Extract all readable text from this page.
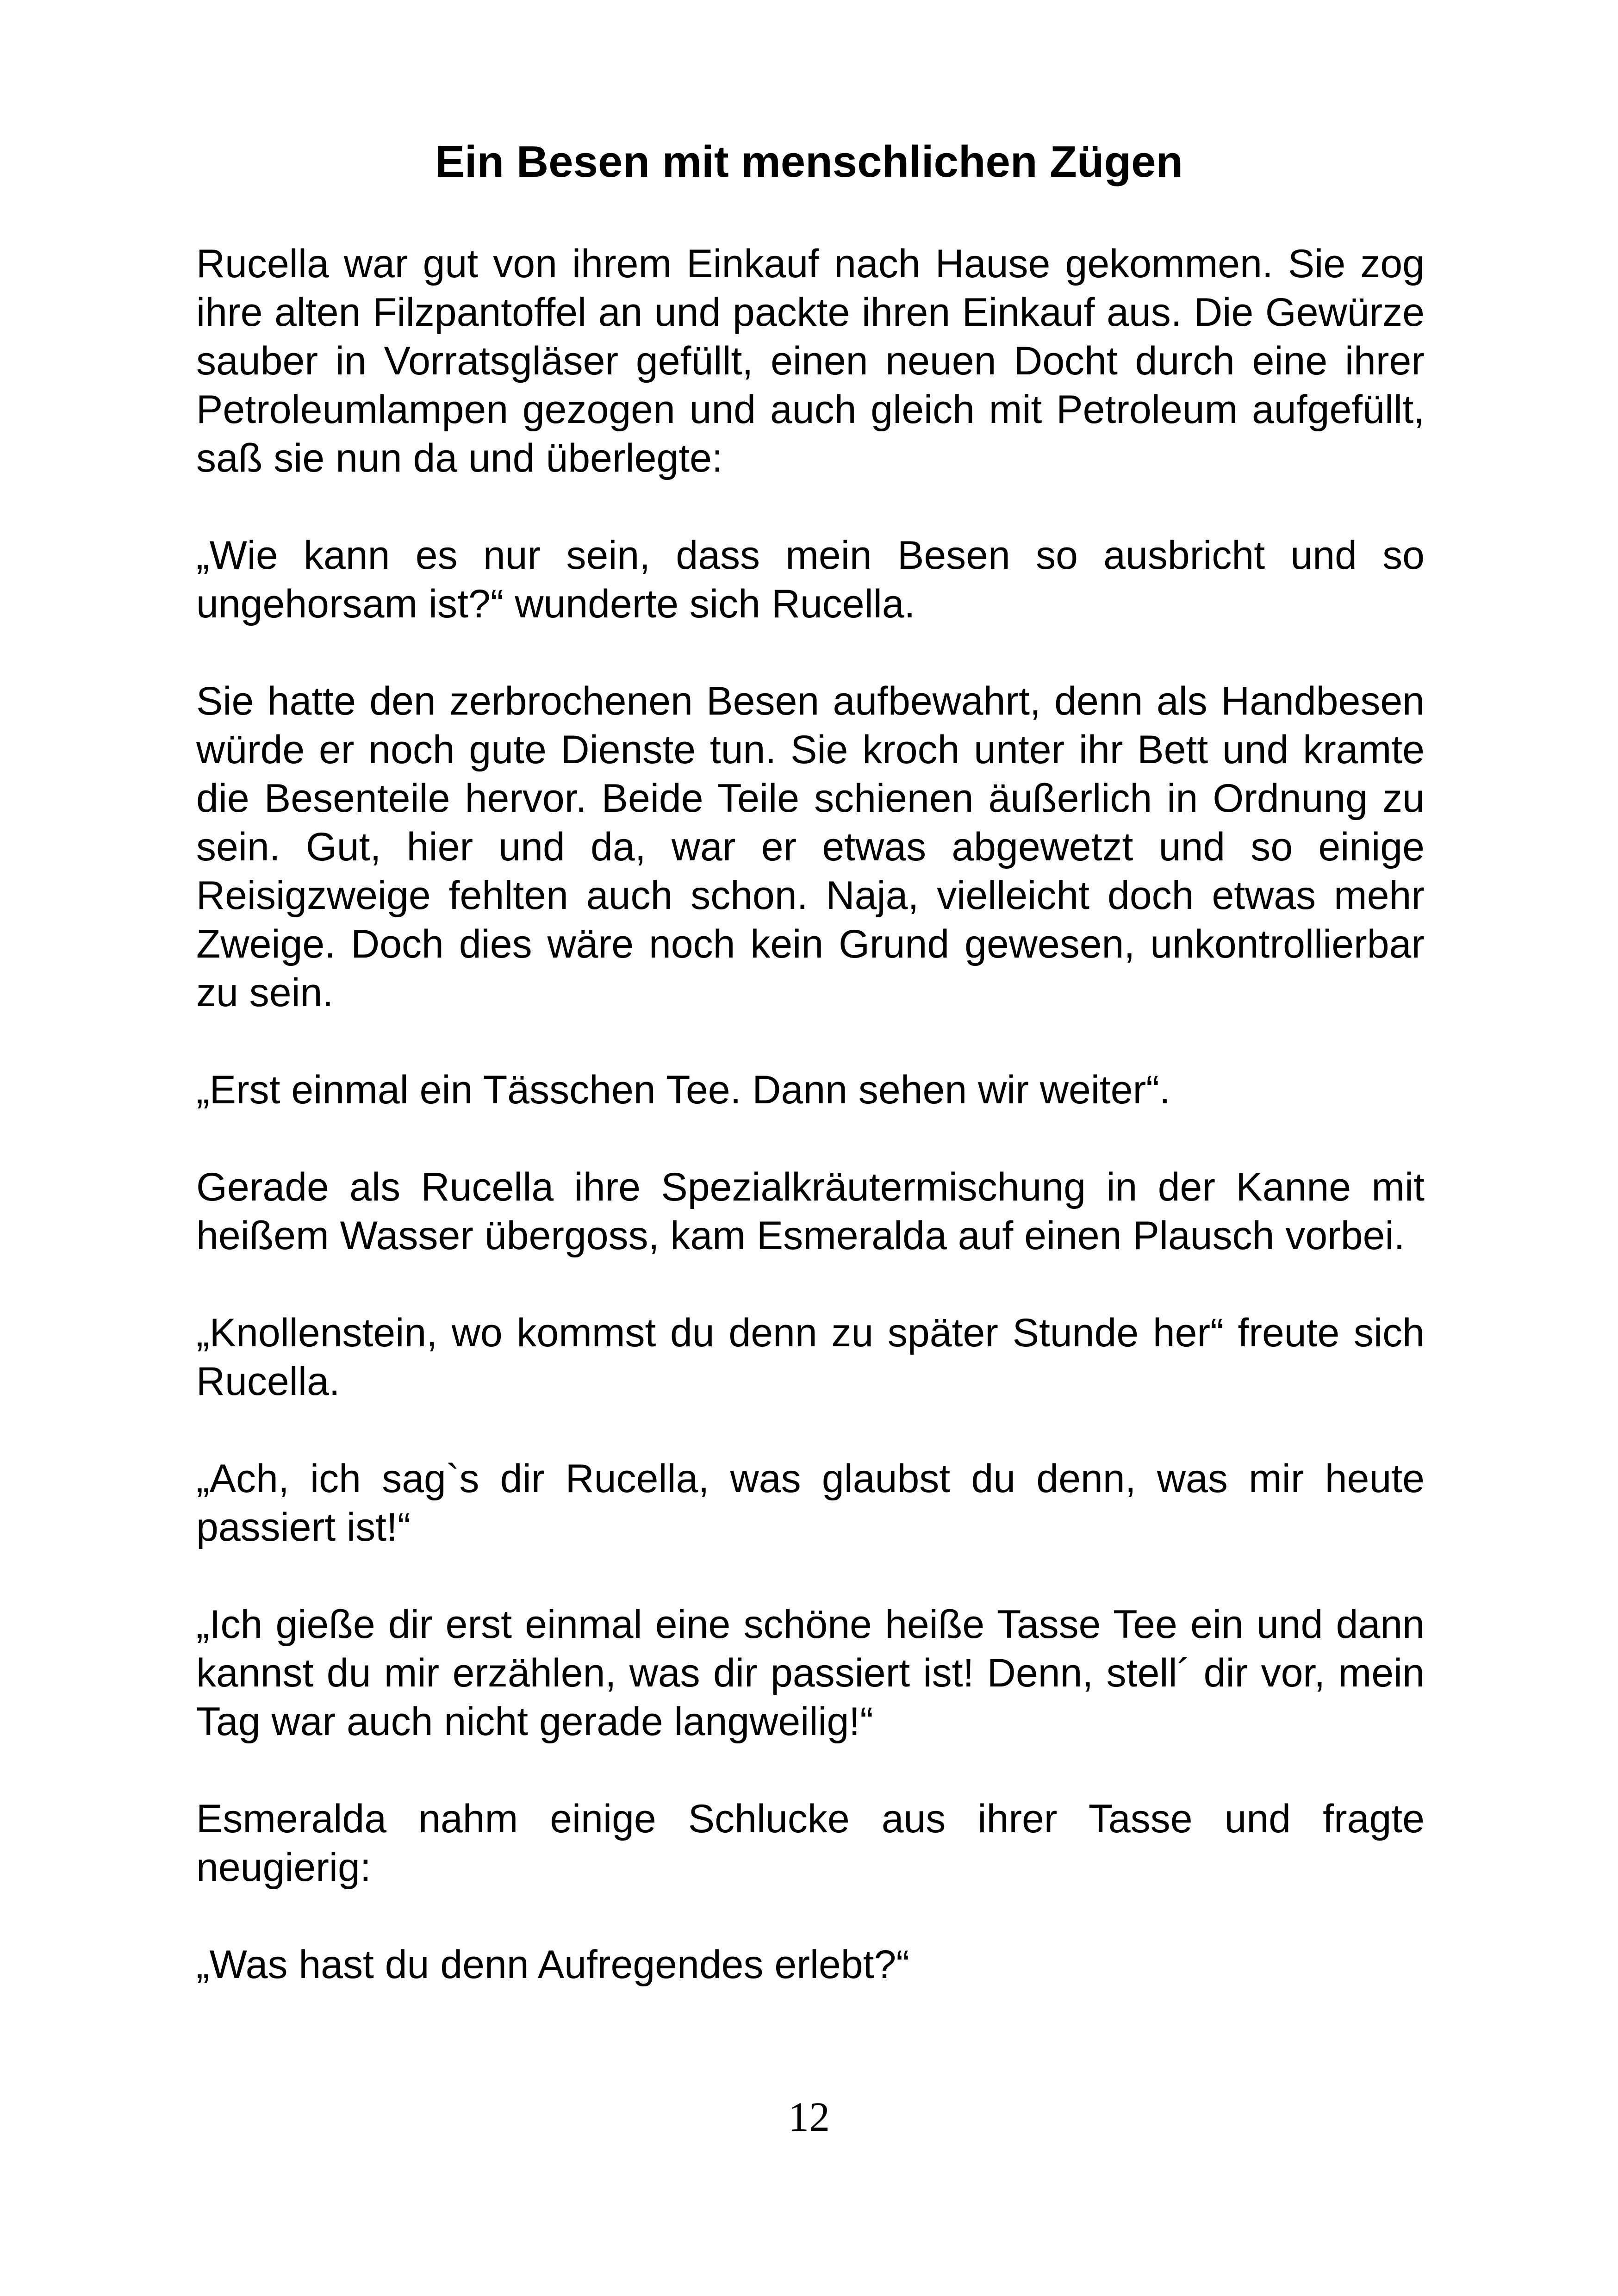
Ein Besen mit menschlichen Zügen

Rucella war gut von ihrem Einkauf nach Hause gekommen. Sie zog ihre alten Filzpantoffel an und packte ihren Einkauf aus. Die Gewürze sauber in Vorratsgläser gefüllt, einen neuen Docht durch eine ihrer Petroleumlampen gezogen und auch gleich mit Petroleum aufgefüllt, saß sie nun da und überlegte:

„Wie kann es nur sein, dass mein Besen so ausbricht und so ungehorsam ist?“ wunderte sich Rucella.

Sie hatte den zerbrochenen Besen aufbewahrt, denn als Handbesen würde er noch gute Dienste tun. Sie kroch unter ihr Bett und kramte die Besenteile hervor. Beide Teile schienen äußerlich in Ordnung zu sein. Gut, hier und da, war er etwas abgewetzt und so einige Reisigzweige fehlten auch schon. Naja, vielleicht doch etwas mehr Zweige. Doch dies wäre noch kein Grund gewesen, unkontrollierbar zu sein.

„Erst einmal ein Tässchen Tee. Dann sehen wir weiter“.

Gerade als Rucella ihre Spezialkräutermischung in der Kanne mit heißem Wasser übergoss, kam Esmeralda auf einen Plausch vorbei.

„Knollenstein, wo kommst du denn zu später Stunde her“ freute sich Rucella.

„Ach, ich sag`s dir Rucella, was glaubst du denn, was mir heute passiert ist!“

„Ich gieße dir erst einmal eine schöne heiße Tasse Tee ein und dann kannst du mir erzählen, was dir passiert ist! Denn, stell´ dir vor, mein Tag war auch nicht gerade langweilig!“

Esmeralda nahm einige Schlucke aus ihrer Tasse und fragte neugierig:

„Was hast du denn Aufregendes erlebt?“

12
